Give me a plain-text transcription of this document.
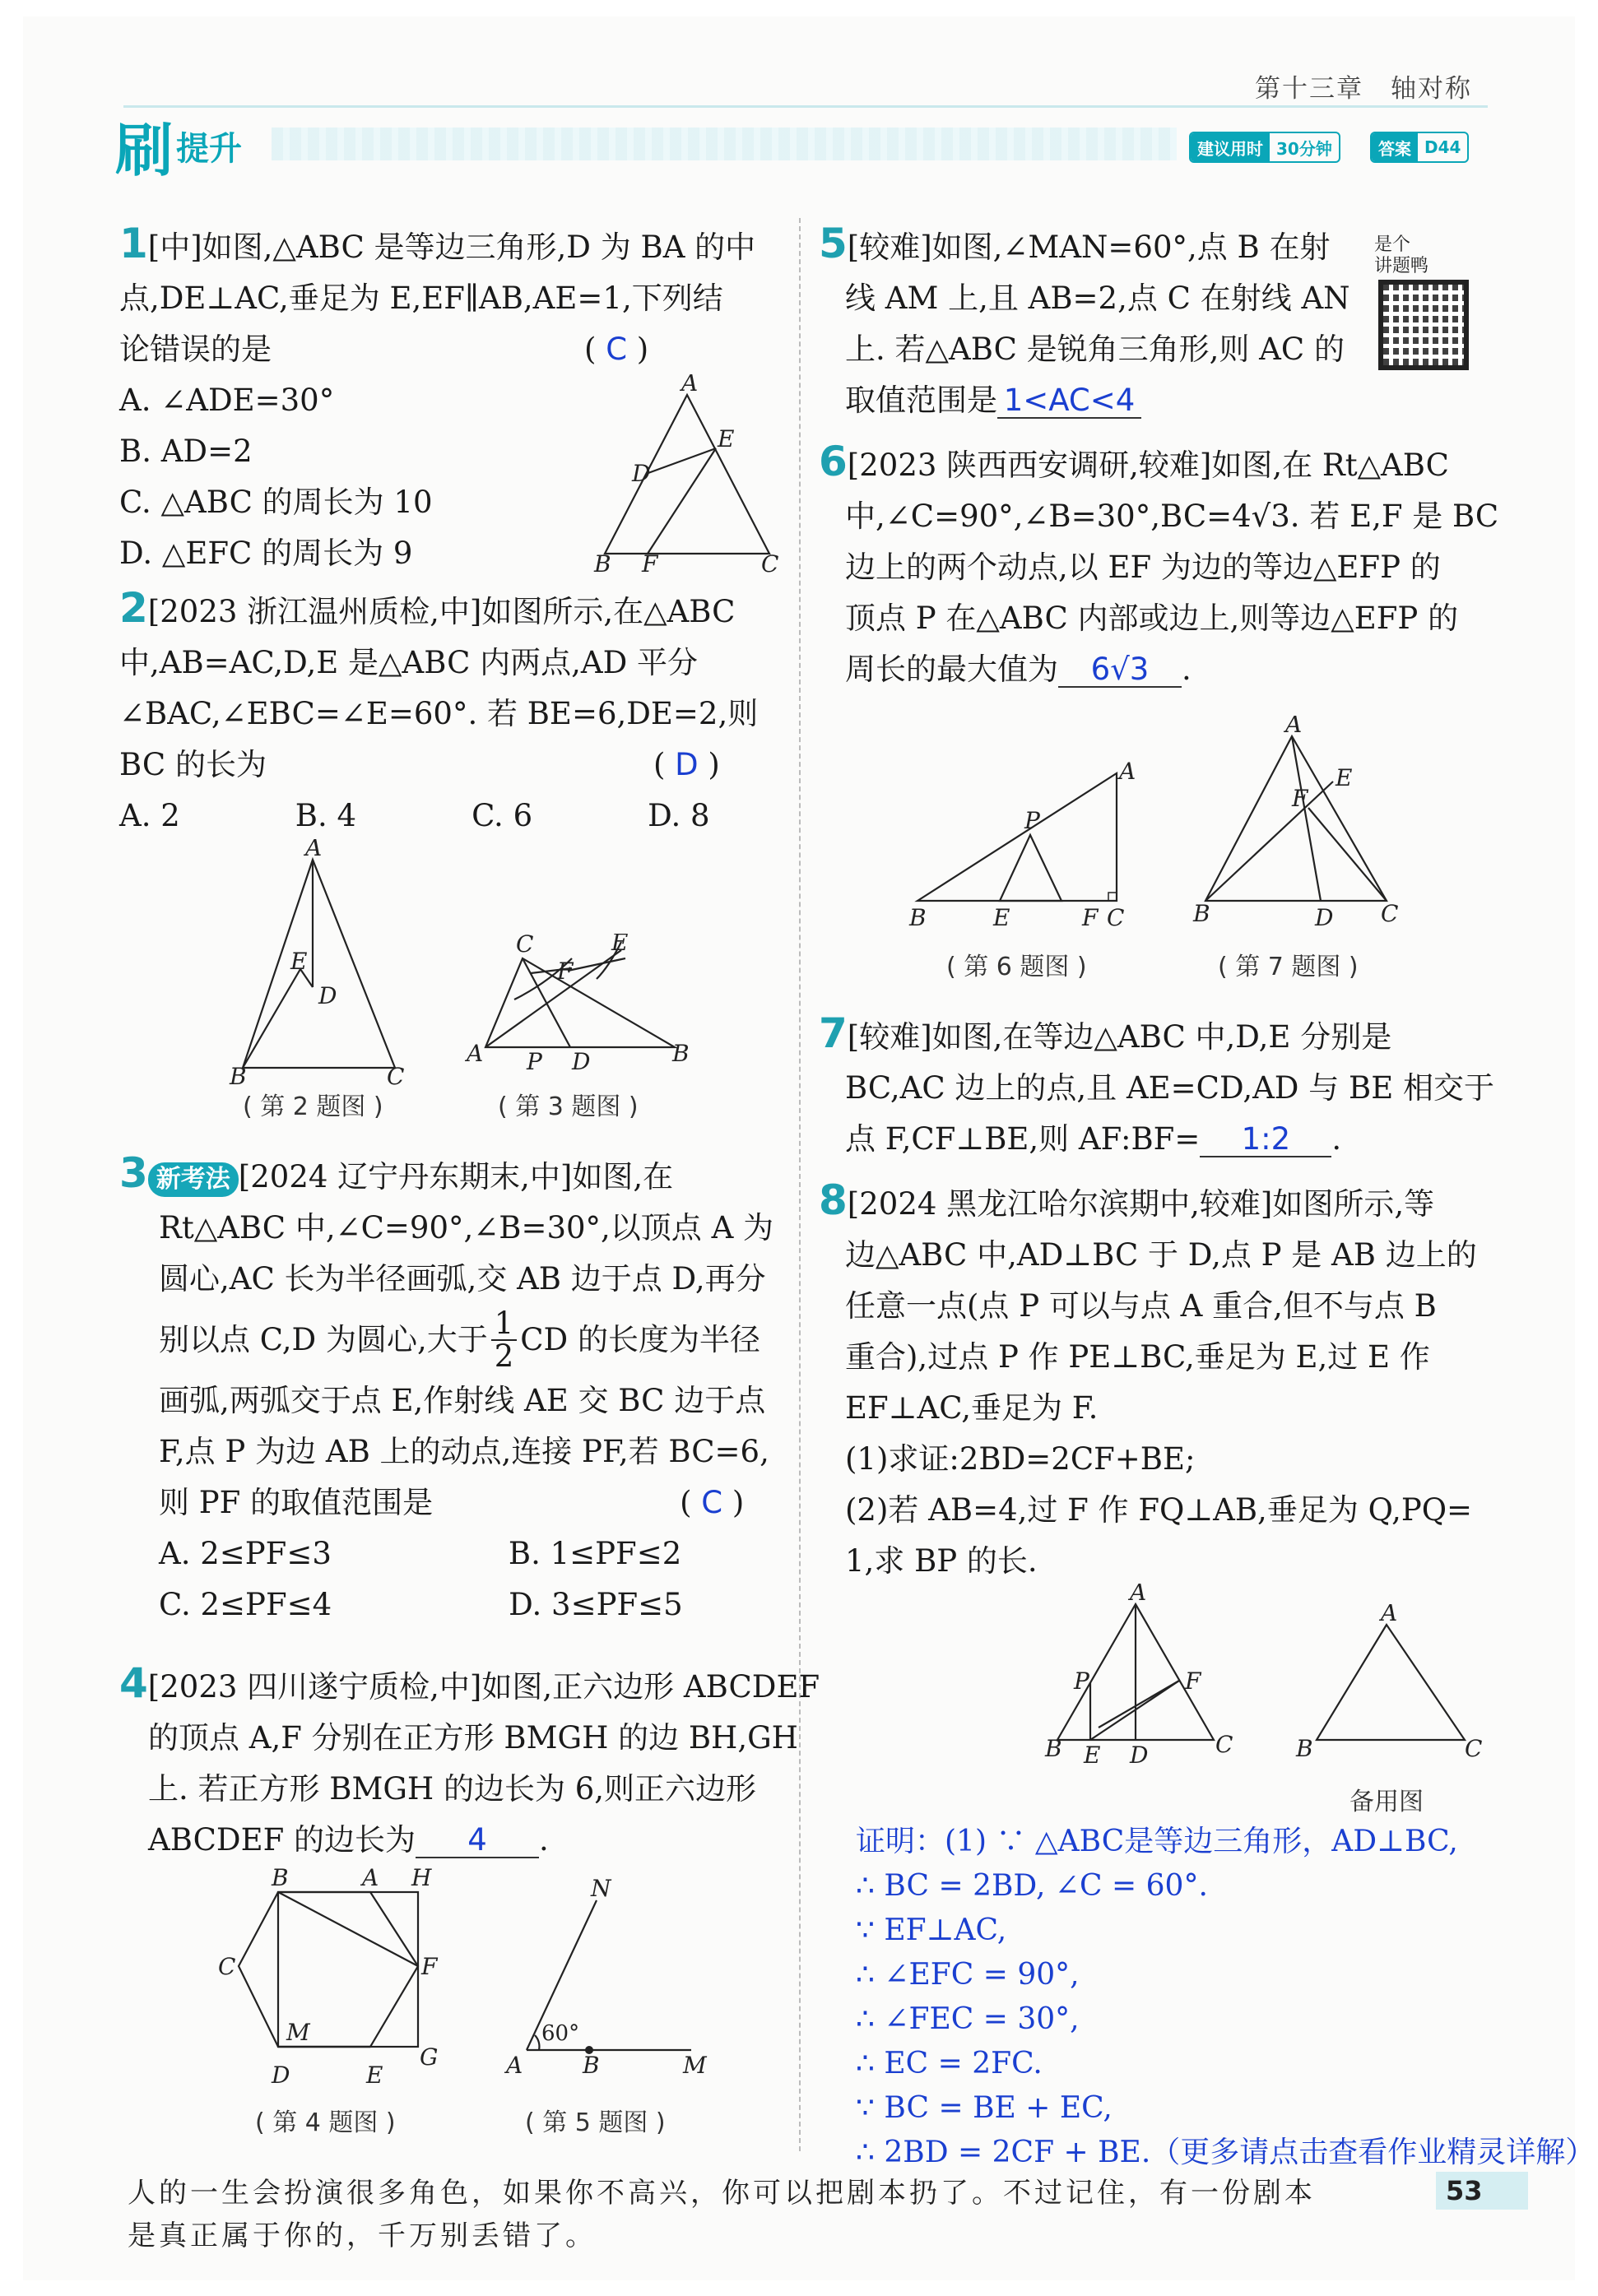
第十三章　轴对称
刷 提升	建议用时 30分钟	答案 D44
1[中]如图,△ABC 是等边三角形,D 为 BA 的中
点,DE⊥AC,垂足为 E,EF∥AB,AE=1,下列结
论错误的是	( C )
A. ∠ADE=30°
B. AD=2
C. △ABC 的周长为 10
D. △EFC 的周长为 9
A
D
E
B F	C
2[2023 浙江温州质检,中]如图所示,在△ABC
中,AB=AC,D,E 是△ABC 内两点,AD 平分
∠BAC,∠EBC=∠E=60°. 若 BE=6,DE=2,则
BC 的长为	( D )
A. 2	B. 4	C. 6	D. 8
A
E
D
B	C
C	E
F
A P D	B
( 第 2 题图 )	( 第 3 题图 )
3 新考法 [2024 辽宁丹东期末,中]如图,在
Rt△ABC 中,∠C=90°,∠B=30°,以顶点 A 为
圆心,AC 长为半径画弧,交 AB 边于点 D,再分

别以点 C,D 为圆心,大于 $\frac{1}{2}$ CD 的长度为半径

画弧,两弧交于点 E,作射线 AE 交 BC 边于点
F,点 P 为边 AB 上的动点,连接 PF,若 BC=6,
则 PF 的取值范围是	( C )
A. 2≤PF≤3	B. 1≤PF≤2
C. 2≤PF≤4	D. 3≤PF≤5
4[2023 四川遂宁质检,中]如图,正六边形 ABCDEF
的顶点 A,F 分别在正方形 BMGH 的边 BH,GH
上. 若正方形 BMGH 的边长为 6,则正六边形
ABCDEF 的边长为 4 .
B	A H
C	F
M
G
D	E
N
60°
A	B	M
( 第 4 题图 )	( 第 5 题图 )
是个
讲题鸭
5[较难]如图,∠MAN=60°,点 B 在射
线 AM 上,且 AB=2,点 C 在射线 AN
上. 若△ABC 是锐角三角形,则 AC 的
取值范围是 1<AC<4
6[2023 陕西西安调研,较难]如图,在 Rt△ABC
中,∠C=90°,∠B=30°,BC=4√3. 若 E,F 是 BC
边上的两个动点,以 EF 为边的等边△EFP 的
顶点 P 在△ABC 内部或边上,则等边△EFP 的
周长的最大值为 6√3 .
A
P
B	E	F C
A
F
E
B	D C
( 第 6 题图 )	( 第 7 题图 )
7[较难]如图,在等边△ABC 中,D,E 分别是
BC,AC 边上的点,且 AE=CD,AD 与 BE 相交于
点 F,CF⊥BE,则 AF:BF= 1:2 .
8[2024 黑龙江哈尔滨期中,较难]如图所示,等
边△ABC 中,AD⊥BC 于 D,点 P 是 AB 边上的
任意一点(点 P 可以与点 A 重合,但不与点 B
重合),过点 P 作 PE⊥BC,垂足为 E,过 E 作
EF⊥AC,垂足为 F.
(1)求证:2BD=2CF+BE;
(2)若 AB=4,过 F 作 FQ⊥AB,垂足为 Q,PQ=
1,求 BP 的长.
A
P	F
B E D	C
A
B	C
备用图
证明：(1) ∵ △ABC是等边三角形，AD⊥BC,
∴ BC = 2BD, ∠C = 60°.
∵ EF⊥AC,
∴ ∠EFC = 90°,
∴ ∠FEC = 30°,
∴ EC = 2FC.
∵ BC = BE + EC,
∴ 2BD = 2CF + BE.（更多请点击查看作业精灵详解）
人的一生会扮演很多角色，如果你不高兴，你可以把剧本扔了。不过记住，有一份剧本
是真正属于你的，千万别丢错了。
53
